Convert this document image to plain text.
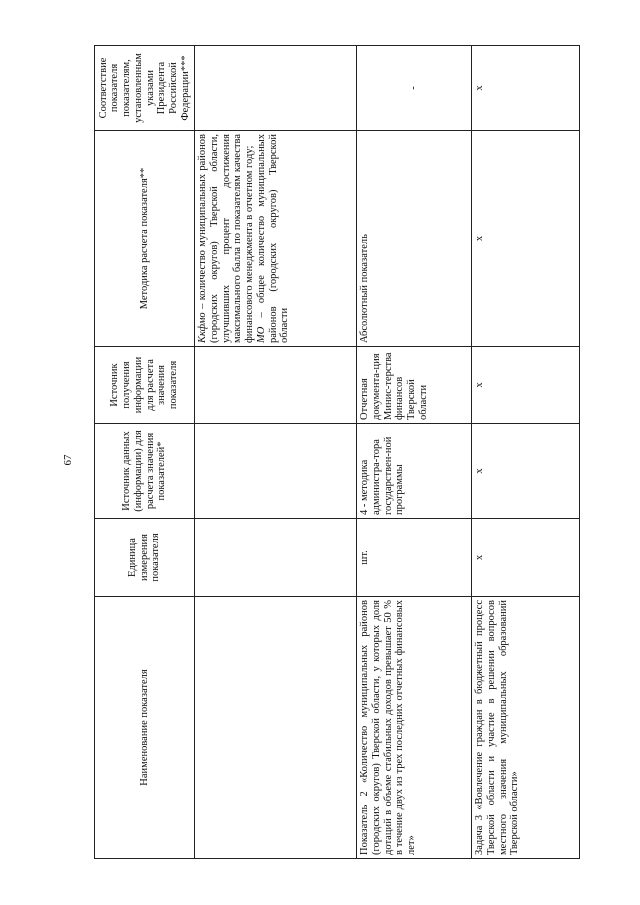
67
Наименование показателя	Единица измерения показателя	Источник данных (информации) для расчета значения показателей*	Источник получения информации для расчета значения показателя	Методика расчета показателя**	Соответствие показателя показателям, установленным указами Президента Российской Федерации***
				Kкфмо – количество муниципальных районов (городских округов) Тверской области, улучшивших процент достижения максимального балла по показателям качества финансового менеджмента в отчетном году;
МО – общее количество муниципальных районов (городских округов) Тверской области	
Показатель 2 «Количество муниципальных районов (городских округов) Тверской области, у которых доля дотаций в объеме стабильных доходов превышает 50 % в течение двух из трех последних отчетных финансовых лет»	шт.	4 - методика администра-тора государствен-ной программы	Отчетная документа-ция Минис-терства финансов Тверской области	Абсолютный показатель	-
Задача 3 «Вовлечение граждан в бюджетный процесс Тверской области и участие в решении вопросов местного значения муниципальных образований Тверской области»	х	х	х	х	х
